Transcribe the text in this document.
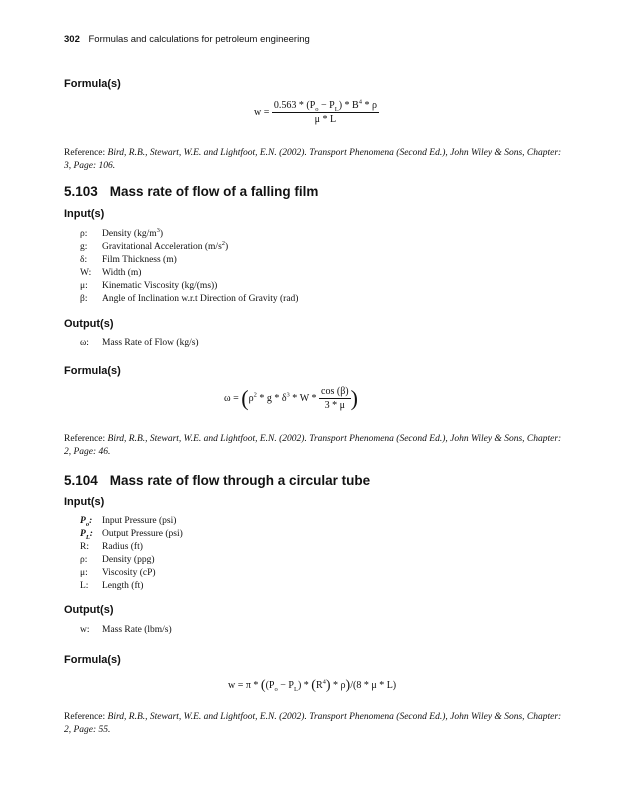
302 Formulas and calculations for petroleum engineering
Formula(s)
$w = \frac{0.563 * (P_o - P_L) * B^4 * \rho}{\mu * L}$
Reference: Bird, R.B., Stewart, W.E. and Lightfoot, E.N. (2002). Transport Phenomena (Second Ed.), John Wiley & Sons, Chapter: 3, Page: 106.
5.103 Mass rate of flow of a falling film
Input(s)
ρ:	Density $(kg/m^3)$
g:	Gravitational Acceleration $(m/s^2)$
δ:	Film Thickness (m)
W:	Width (m)
μ:	Kinematic Viscosity (kg/(ms))
β:	Angle of Inclination w.r.t Direction of Gravity (rad)
Output(s)
ω:	Mass Rate of Flow (kg/s)
Formula(s)
$\omega = (\rho^2 * g * \delta^3 * W * \frac{\cos (\beta)}{3 * \mu}$ )
Reference: Bird, R.B., Stewart, W.E. and Lightfoot, E.N. (2002). Transport Phenomena (Second Ed.), John Wiley & Sons, Chapter: 2, Page: 46.
5.104 Mass rate of flow through a circular tube
Input(s)
$P_o$:	Input Pressure (psi)
$P_L$: Output Pressure (psi)
R:	Radius (ft)
ρ:	Density (ppg)
μ:	Viscosity (cP)
L:	Length (ft)
Output(s)
w:	Mass Rate (lbm/s)
Formula(s)
$w = \pi * ((P_o - P_L) * (R^4) * \rho)/(8 * \mu * L)$
Reference: Bird, R.B., Stewart, W.E. and Lightfoot, E.N. (2002). Transport Phenomena (Second Ed.), John Wiley & Sons, Chapter: 2, Page: 55.
